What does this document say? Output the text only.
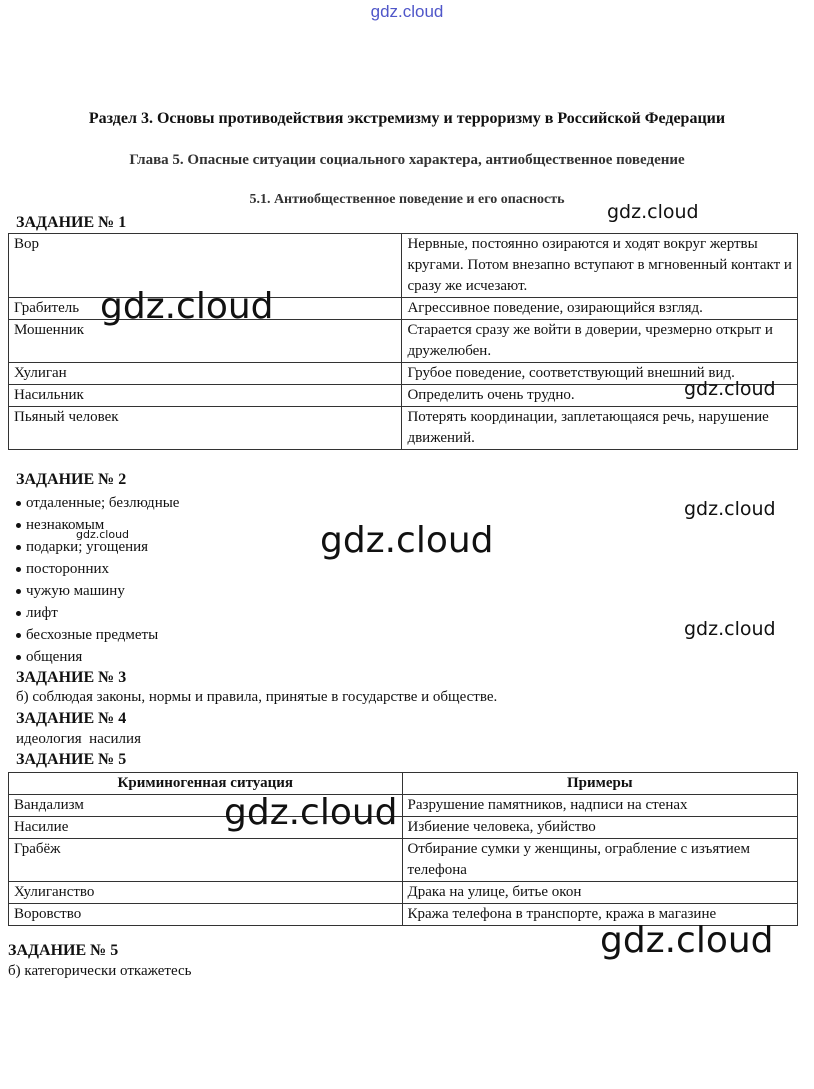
gdz.cloud
Раздел 3. Основы противодействия экстремизму и терроризму в Российской Федерации
Глава 5. Опасные ситуации социального характера, антиобщественное поведение
5.1. Антиобщественное поведение и его опасность
ЗАДАНИЕ № 1
Вор	Нервные, постоянно озираются и ходят вокруг жертвы кругами. Потом внезапно вступают в мгновенный контакт и сразу же исчезают.
Грабитель	Агрессивное поведение, озирающийся взгляд.
Мошенник	Старается сразу же войти в доверии, чрезмерно открыт и дружелюбен.
Хулиган	Грубое поведение, соответствующий внешний вид.
Насильник	Определить очень трудно.
Пьяный человек	Потерять координации, заплетающаяся речь, нарушение движений.
ЗАДАНИЕ № 2
отдаленные; безлюдные
незнакомым
подарки; угощения
посторонних
чужую машину
лифт
бесхозные предметы
общения
ЗАДАНИЕ № 3
б) соблюдая законы, нормы и правила, принятые в государстве и обществе.
ЗАДАНИЕ № 4
идеология  насилия
ЗАДАНИЕ № 5
Криминогенная ситуация	Примеры
Вандализм	Разрушение памятников, надписи на стенах
Насилие	Избиение человека, убийство
Грабёж	Отбирание сумки у женщины, ограбление с изъятием телефона
Хулиганство	Драка на улице, битье окон
Воровство	Кража телефона в транспорте, кража в магазине
ЗАДАНИЕ № 5
б) категорически откажетесь
gdz.cloud
gdz.cloud
gdz.cloud
gdz.cloud
gdz.cloud	gdz.cloud
gdz.cloud
gdz.cloud
gdz.cloud
